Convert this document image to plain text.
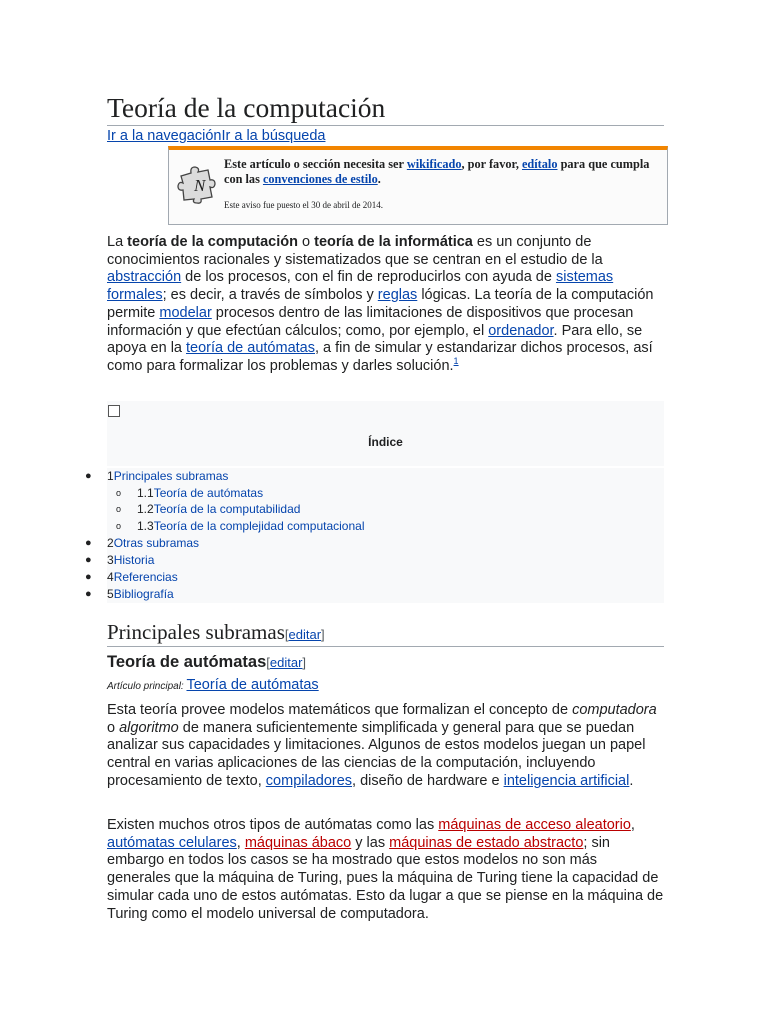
Teoría de la computación
Ir a la navegaciónIr a la búsqueda
N
Este artículo o sección necesita ser wikificado, por favor, edítalo para que cumpla con las convenciones de estilo.
Este aviso fue puesto el 30 de abril de 2014.

La teoría de la computación o teoría de la informática es un conjunto de conocimientos racionales y sistematizados que se centran en el estudio de la abstracción de los procesos, con el fin de reproducirlos con ayuda de sistemas formales; es decir, a través de símbolos y reglas lógicas. La teoría de la computación permite modelar procesos dentro de las limitaciones de dispositivos que procesan información y que efectúan cálculos; como, por ejemplo, el ordenador. Para ello, se apoya en la teoría de autómatas, a fin de simular y estandarizar dichos procesos, así como para formalizar los problemas y darles solución.$^1$

Índice
1Principales subramas
1.1Teoría de autómatas
1.2Teoría de la computabilidad
1.3Teoría de la complejidad computacional
2Otras subramas
3Historia
4Referencias
5Bibliografía
Principales subramas[editar]
Teoría de autómatas[editar]
Artículo principal: Teoría de autómatas

Esta teoría provee modelos matemáticos que formalizan el concepto de computadora o algoritmo de manera suficientemente simplificada y general para que se puedan analizar sus capacidades y limitaciones. Algunos de estos modelos juegan un papel central en varias aplicaciones de las ciencias de la computación, incluyendo procesamiento de texto, compiladores, diseño de hardware e inteligencia artificial.

Existen muchos otros tipos de autómatas como las máquinas de acceso aleatorio, autómatas celulares, máquinas ábaco y las máquinas de estado abstracto; sin embargo en todos los casos se ha mostrado que estos modelos no son más generales que la máquina de Turing, pues la máquina de Turing tiene la capacidad de simular cada uno de estos autómatas. Esto da lugar a que se piense en la máquina de Turing como el modelo universal de computadora.

●
o
o
o
●
●
●
●
